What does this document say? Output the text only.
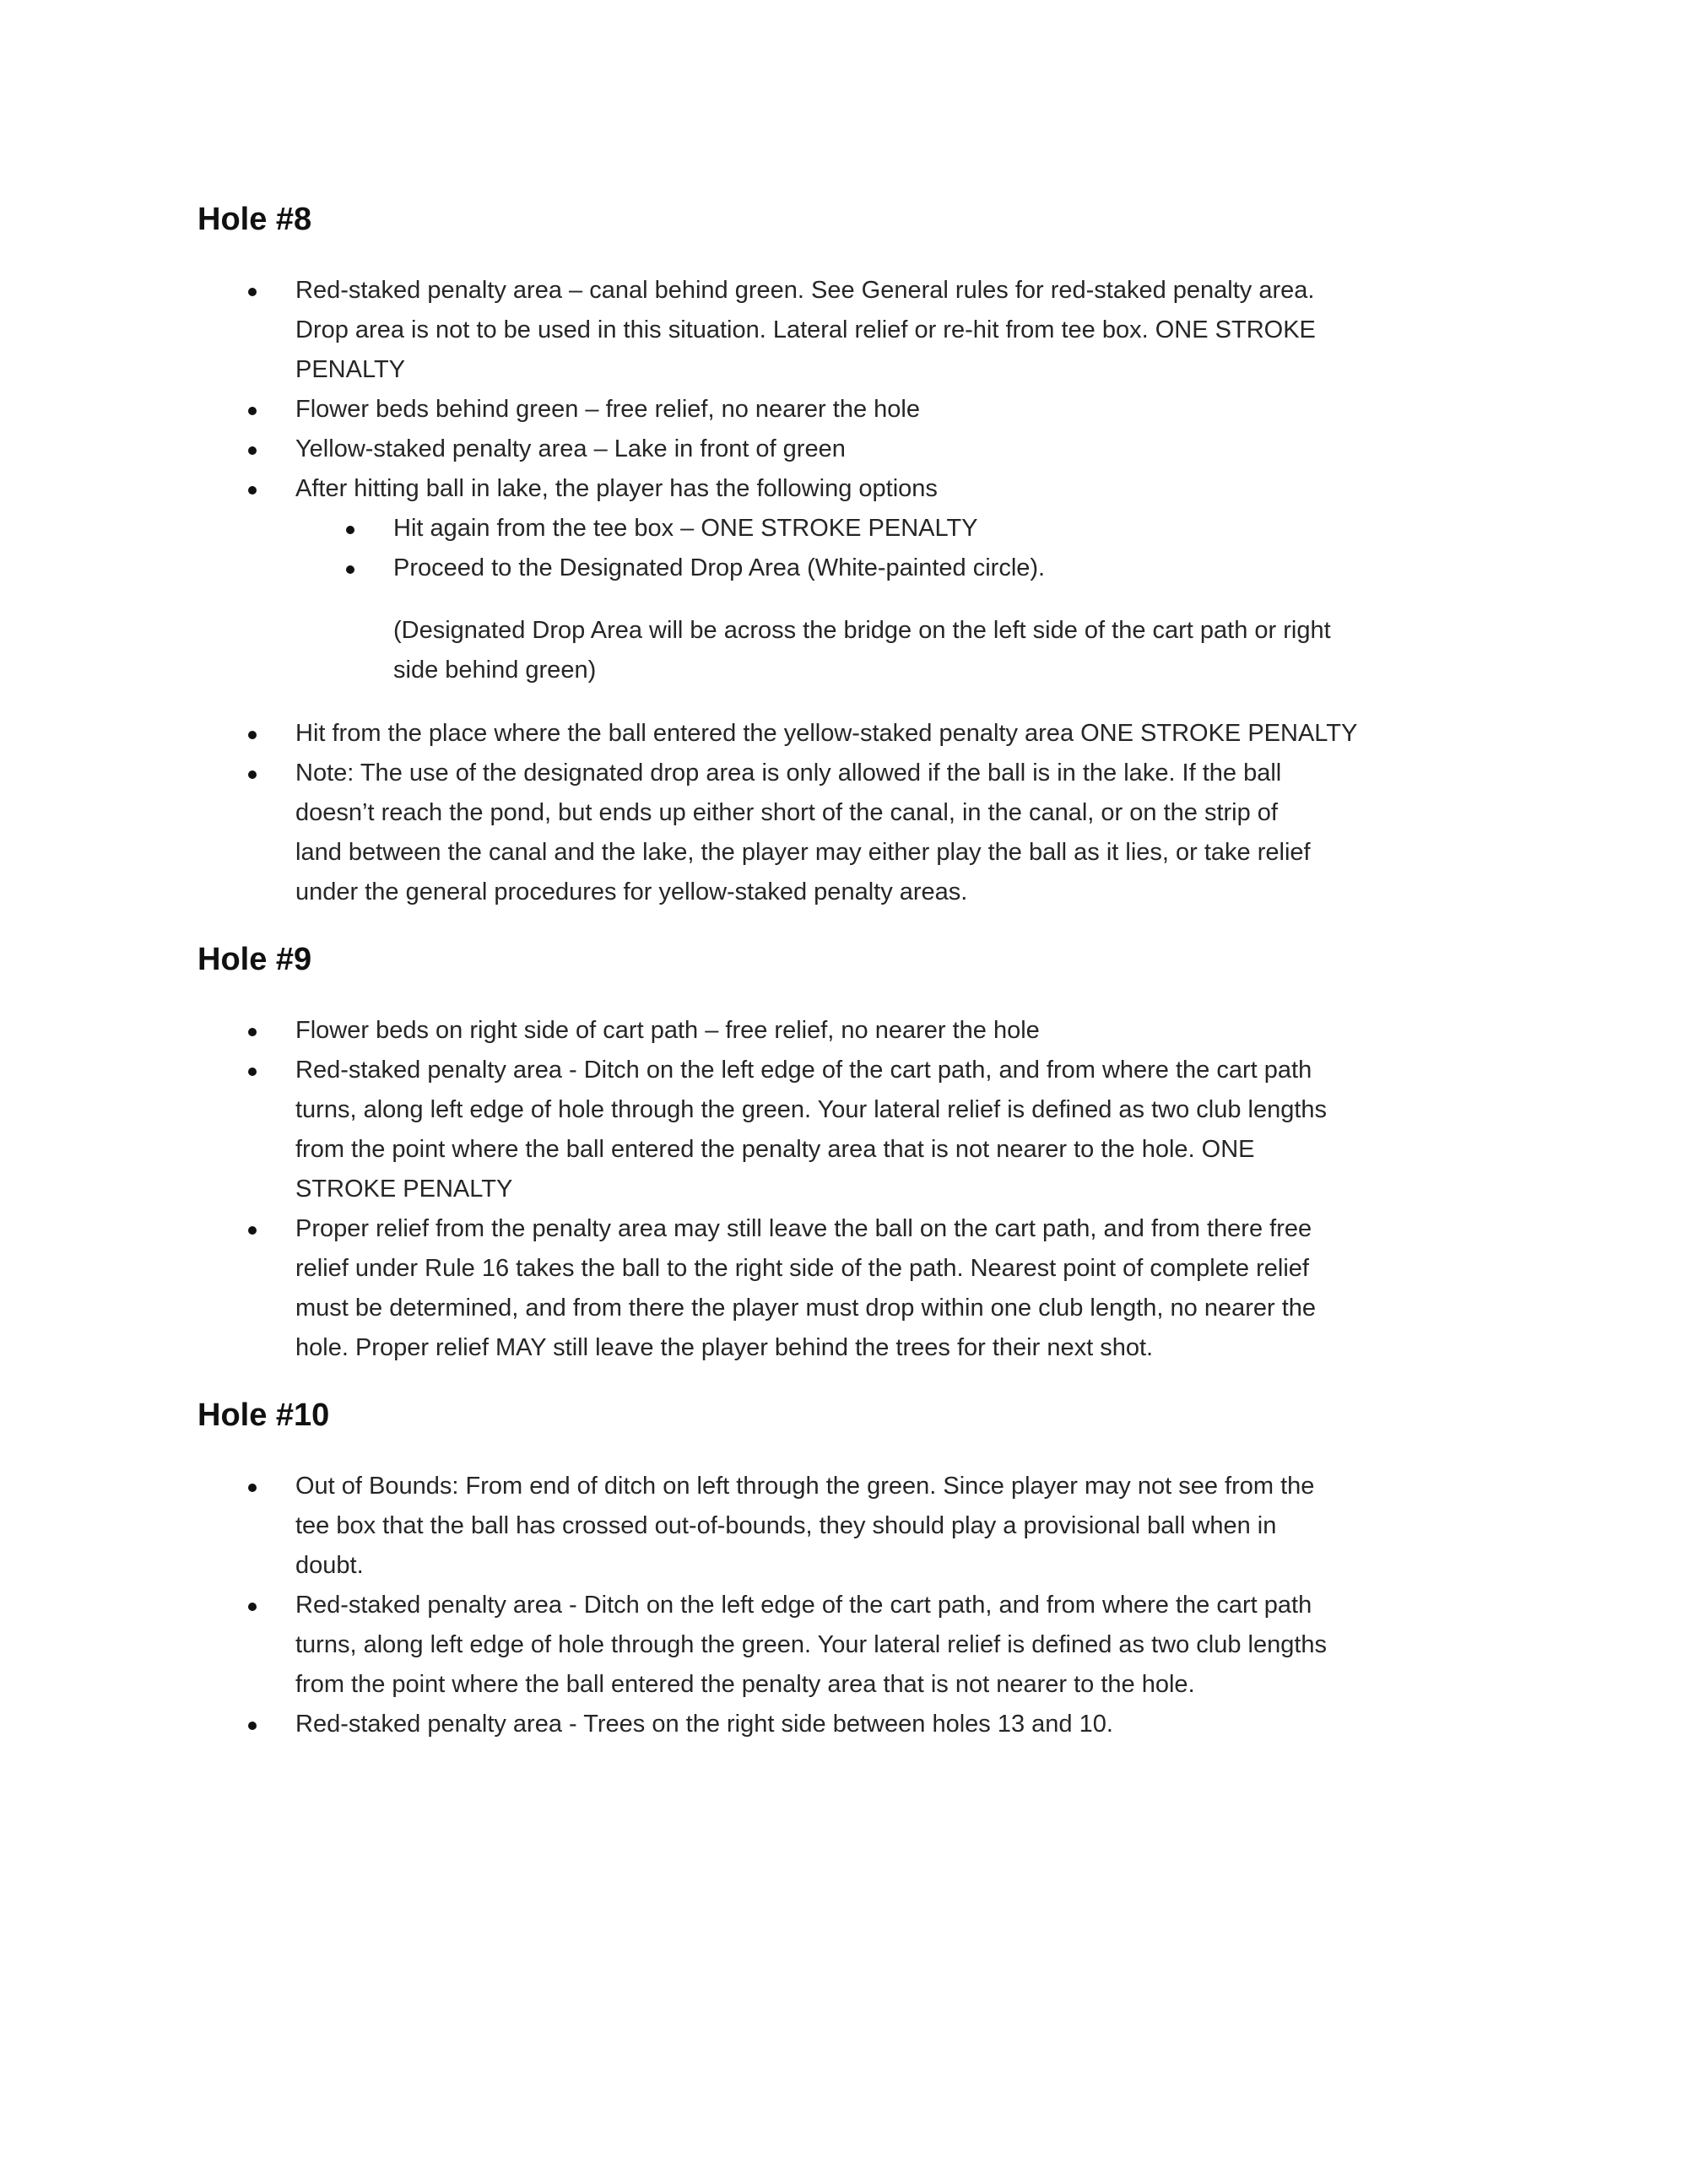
Hole #8
Red-staked penalty area – canal behind green. See General rules for red-staked penalty area.
Drop area is not to be used in this situation. Lateral relief or re-hit from tee box. ONE STROKE
PENALTY
Flower beds behind green – free relief, no nearer the hole
Yellow-staked penalty area – Lake in front of green
After hitting ball in lake, the player has the following options
Hit again from the tee box – ONE STROKE PENALTY
Proceed to the Designated Drop Area (White-painted circle).
(Designated Drop Area will be across the bridge on the left side of the cart path or right
side behind green)
Hit from the place where the ball entered the yellow-staked penalty area ONE STROKE PENALTY
Note: The use of the designated drop area is only allowed if the ball is in the lake. If the ball
doesn’t reach the pond, but ends up either short of the canal, in the canal, or on the strip of
land between the canal and the lake, the player may either play the ball as it lies, or take relief
under the general procedures for yellow-staked penalty areas.
Hole #9
Flower beds on right side of cart path – free relief, no nearer the hole
Red-staked penalty area - Ditch on the left edge of the cart path, and from where the cart path
turns, along left edge of hole through the green. Your lateral relief is defined as two club lengths
from the point where the ball entered the penalty area that is not nearer to the hole. ONE
STROKE PENALTY
Proper relief from the penalty area may still leave the ball on the cart path, and from there free
relief under Rule 16 takes the ball to the right side of the path. Nearest point of complete relief
must be determined, and from there the player must drop within one club length, no nearer the
hole. Proper relief MAY still leave the player behind the trees for their next shot.
Hole #10
Out of Bounds: From end of ditch on left through the green. Since player may not see from the
tee box that the ball has crossed out-of-bounds, they should play a provisional ball when in
doubt.
Red-staked penalty area - Ditch on the left edge of the cart path, and from where the cart path
turns, along left edge of hole through the green. Your lateral relief is defined as two club lengths
from the point where the ball entered the penalty area that is not nearer to the hole.
Red-staked penalty area - Trees on the right side between holes 13 and 10.
